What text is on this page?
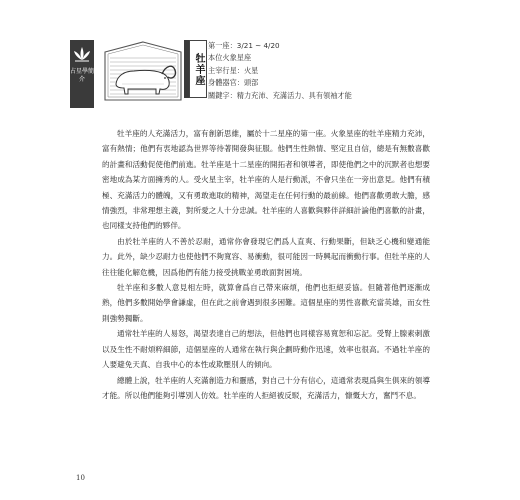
占星學簡介	牡羊座
第一座：3/21 ~ 4/20
本位火象星座
主宰行星：火星
身體器官：頭部
關鍵字：精力充沛、充滿活力、具有領袖才能

牡羊座的人充滿活力，富有創新思維，屬於十二星座的第一座。火象星座的牡羊座精力充沛，富有熱情；他們有衷地認為世界等待著開發與征服。他們生性熱情、堅定且自信，總是有無數喜歡的計畫和活動促使他們前進。牡羊座是十二星座的開拓者和領導者，即使他們之中的沉默者也想要密地成為某方面擁秀的人。受火星主宰，牡羊座的人是行動派，不會只坐在一旁出意見。他們有積極、充滿活力的體魄，又有勇敢進取的精神，渴望走在任何行動的最前線。他們喜歡勇敢大膽，感情強烈，非常理想主義，對所愛之人十分忠誠。牡羊座的人喜歡與夥伴詳細計論他們喜歡的計畫，也同樣支持他們的夥伴。

由於牡羊座的人不善於忍耐，通常你會發現它們爲人直爽、行動果斷，但缺乏心機和變通能力。此外，缺少忍耐力也使他們不夠寬容、易衝動，很可能因一時興起而衝動行事。但牡羊座的人往往能化解危機，因爲他們有能力接受挑戰並勇敢面對困境。

牡羊座和多數人意見相左時，就算會爲自己帶來麻煩，他們也拒絕妥協。但隨著他們逐漸成熟，他們多數開始學會謙虛，但在此之前會遇到很多困難。這個星座的男性喜歡充當英雄，而女性則強勢獨斷。

通常牡羊座的人易怒，渴望表達自己的想法，但他們也同樣容易寬恕和忘記。受腎上腺素刺激以及生性不耐煩粹細節，這個星座的人通常在執行與企劃時動作迅速，效率也很高。不過牡羊座的人要避免天真、自我中心的本性或欺壓別人的傾向。

總體上說，牡羊座的人充滿創造力和靈感，對自己十分有信心，這通常表現爲與生俱來的領導才能。所以他們能夠引導別人仿效。牡羊座的人拒絕被反駁，充滿活力，慷慨大方，奮鬥不息。

10
